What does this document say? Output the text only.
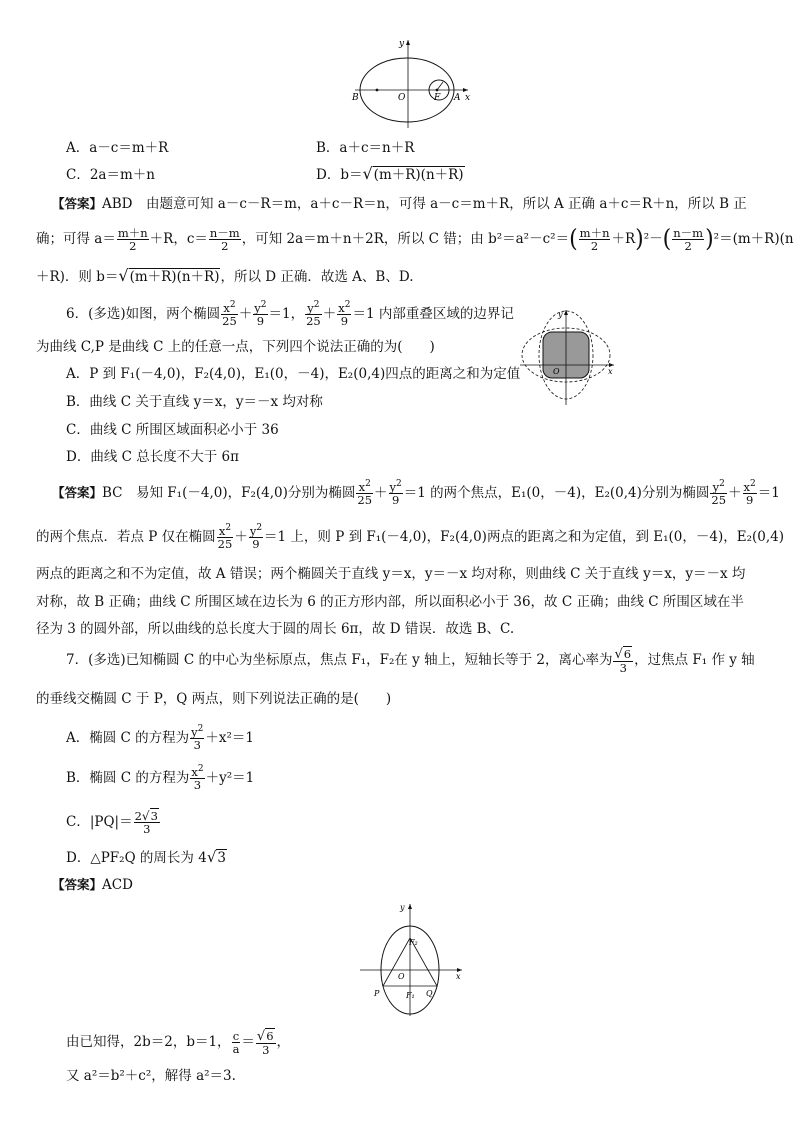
y
x
B	O	F A
A．a－c＝m＋R	B．a＋c＝n＋R
C．2a＝m＋n	D．b＝√(m＋R)(n＋R)
【答案】ABD　由题意可知 a－c－R＝m，a＋c－R＝n，可得 a－c＝m＋R，所以 A 正确 a＋c＝R＋n，所以 B 正
确；可得 $a= \frac{m+n}{2} +R$，$c= \frac{n-m}{2}$ ，可知 2a＝m＋n＋2R，所以 C 错；由 $b^2=a^2-c^2=( \frac{m+n}{2} +R)^2-( \frac{n-m}{2} )^2=(m+R)(n$
＋R)．则 b＝√(m＋R)(n＋R)，所以 D 正确．故选 A、B、D.
6．(多选)如图，两个椭圆 $\frac{x^2}{25} + \frac{y^2}{9} =1$， $\frac{y^2}{25} + \frac{x^2}{9} =1$ 内部重叠区域的边界记
为曲线 C,P 是曲线 C 上的任意一点，下列四个说法正确的为(　　)
A．P 到 F₁(－4,0)，F₂(4,0)，E₁(0，－4)，E₂(0,4)四点的距离之和为定值
B．曲线 C 关于直线 y＝x，y＝－x 均对称
C．曲线 C 所围区域面积必小于 36
D．曲线 C 总长度不大于 6π
y
x
O
【答案】BC　易知 F₁(－4,0)，F₂(4,0)分别为椭圆 $\frac{x^2}{25} + \frac{y^2}{9} =1$ 的两个焦点，E₁(0，－4)，E₂(0,4)分别为椭圆 $\frac{y^2}{25} + \frac{x^2}{9} =1$
的两个焦点．若点 P 仅在椭圆 $\frac{x^2}{25} + \frac{y^2}{9} =1$ 上，则 P 到 F₁(－4,0)，F₂(4,0)两点的距离之和为定值，到 E₁(0，－4)，E₂(0,4)
两点的距离之和不为定值，故 A 错误；两个椭圆关于直线 y＝x，y＝－x 均对称，则曲线 C 关于直线 y＝x，y＝－x 均
对称，故 B 正确；曲线 C 所围区域在边长为 6 的正方形内部，所以面积必小于 36，故 C 正确；曲线 C 所围区域在半
径为 3 的圆外部，所以曲线的总长度大于圆的周长 6π，故 D 错误．故选 B、C.
7．(多选)已知椭圆 C 的中心为坐标原点，焦点 F₁，F₂在 y 轴上，短轴长等于 2，离心率为 $\frac{√6}{3}$ ，过焦点 F₁ 作 y 轴
的垂线交椭圆 C 于 P，Q 两点，则下列说法正确的是(　　)
A．椭圆 C 的方程为 $\frac{y^2}{3} +x^2=1$
B．椭圆 C 的方程为 $\frac{x^2}{3} +y^2=1$
C．$|PQ|= \frac{2√3}{3}$
D．△PF₂Q 的周长为 4√3
【答案】ACD
y
x
F₂
O
P	F₁ Q
由已知得，2b＝2，b＝1， $\frac{c}{a} = \frac{√6}{3}$ ，
又 a²＝b²＋c²，解得 a²＝3.
